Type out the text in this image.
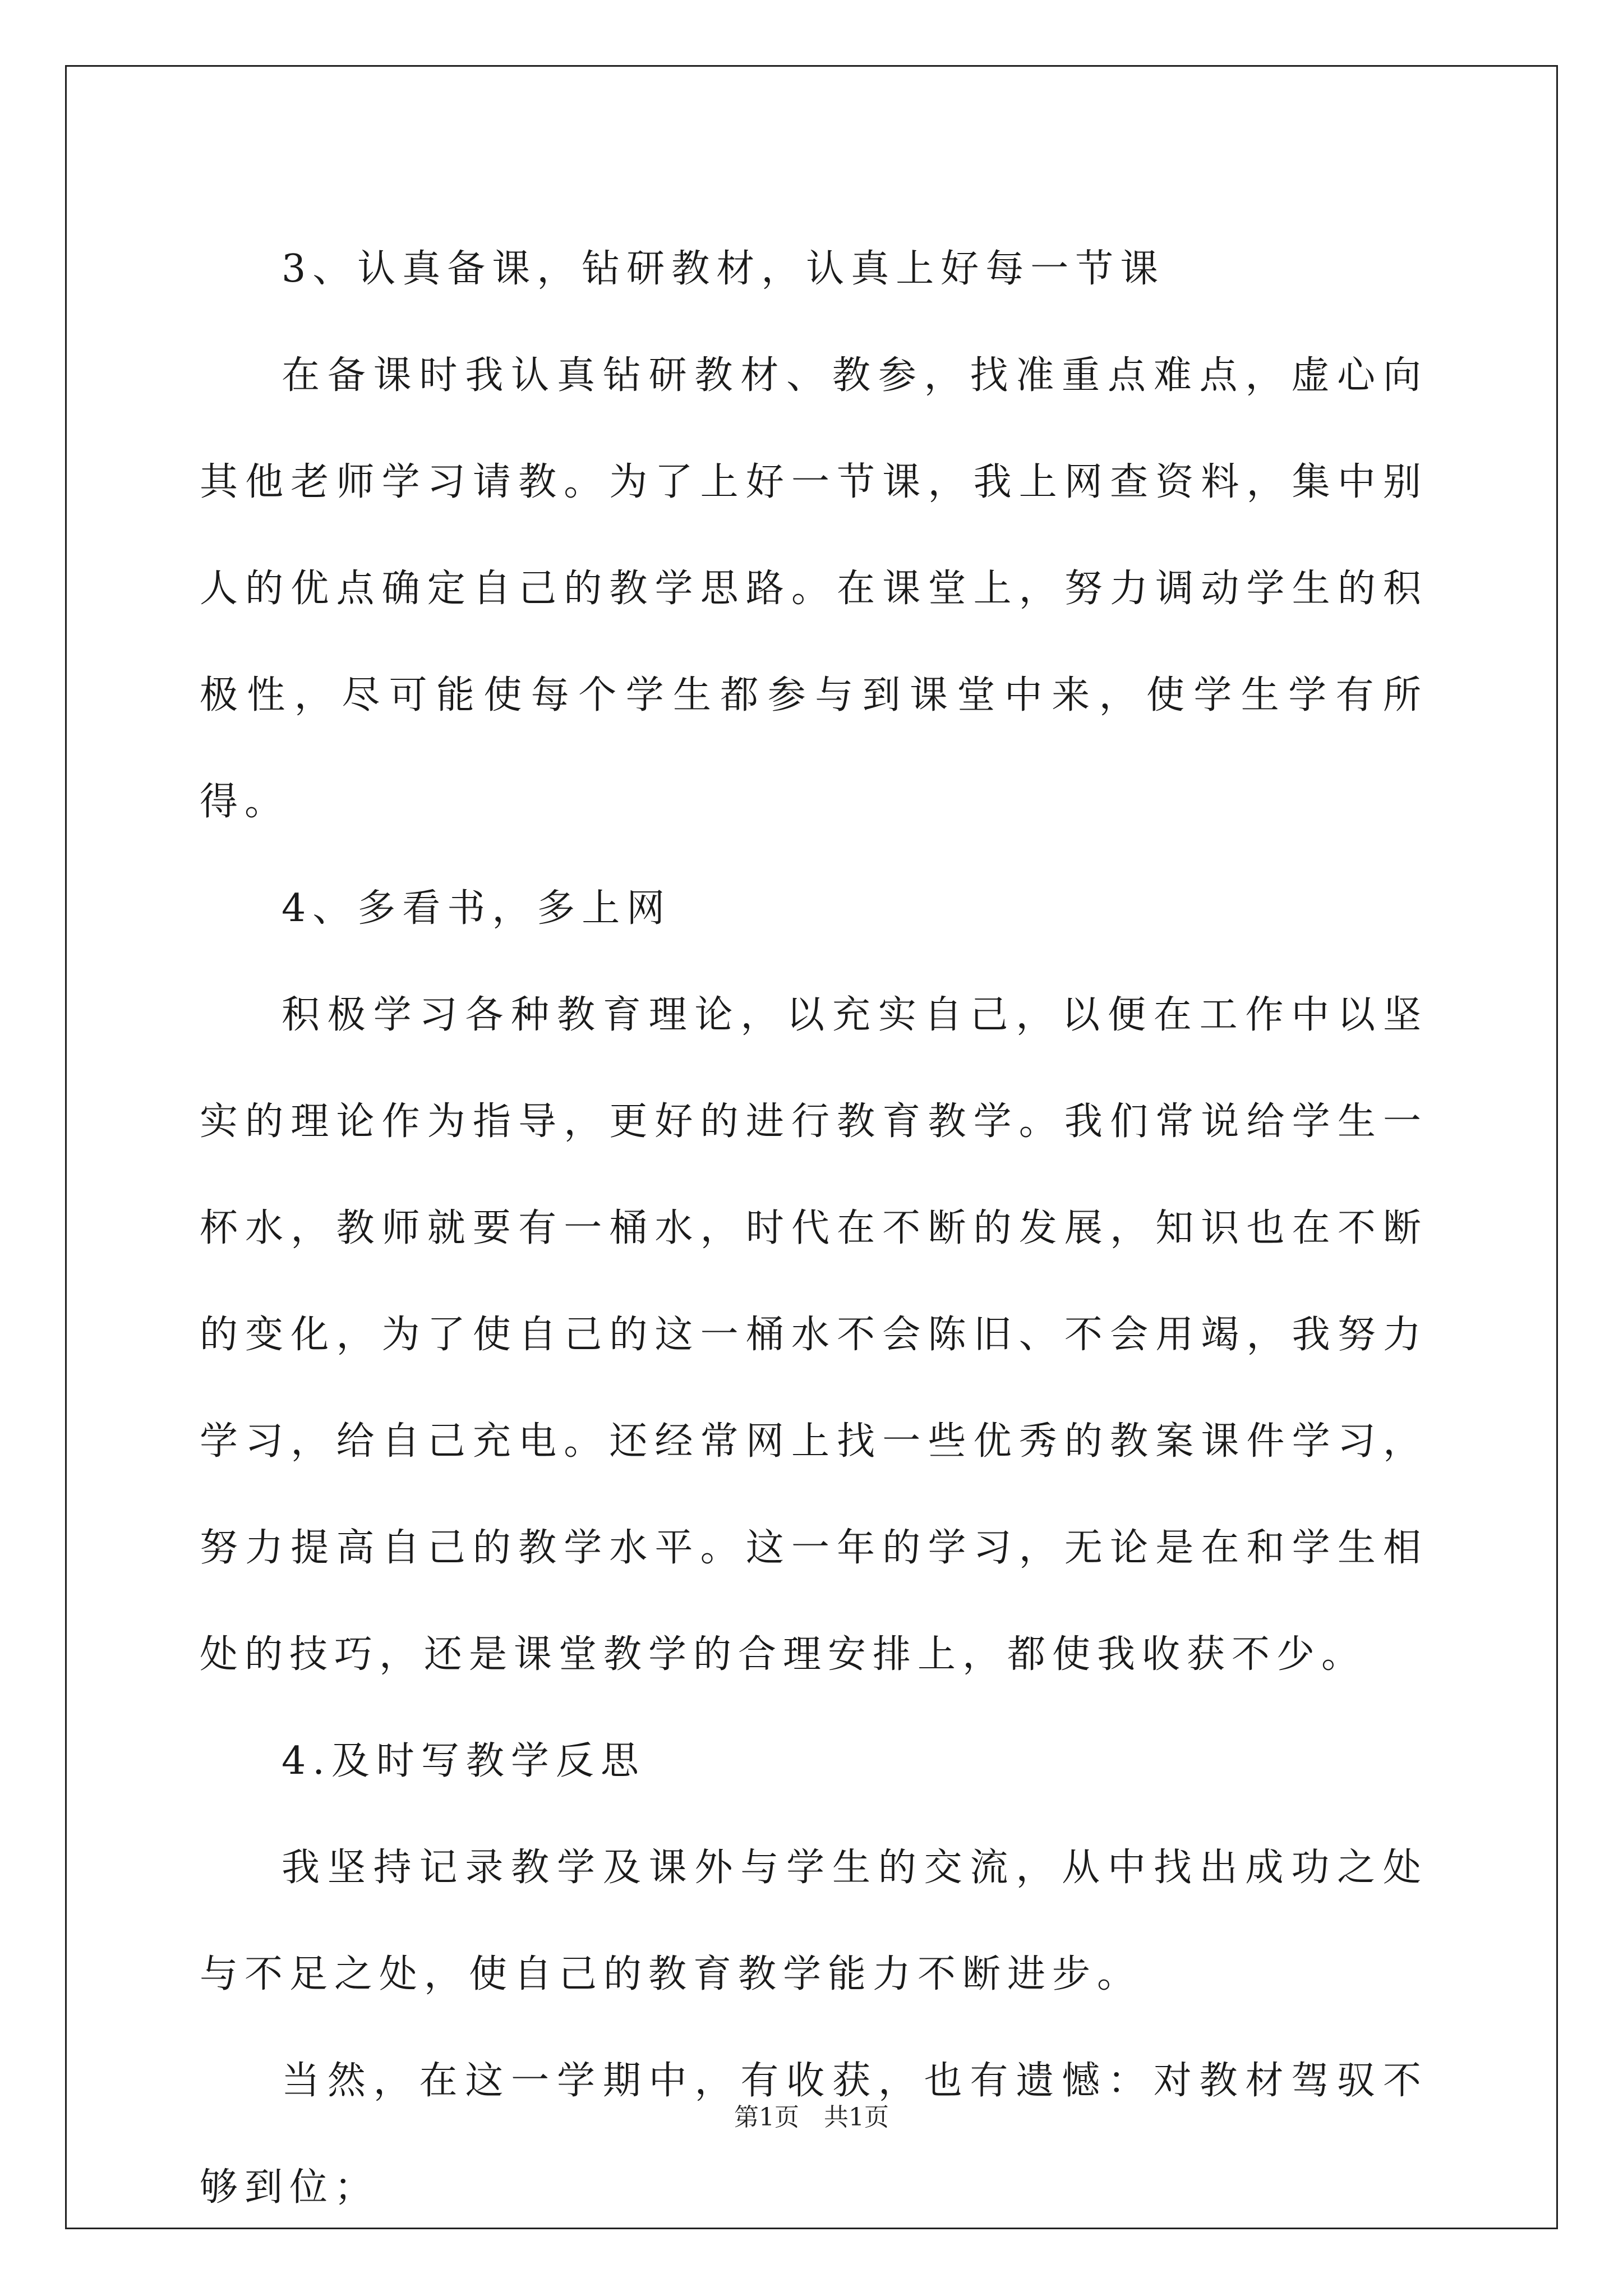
3、认真备课，钻研教材，认真上好每一节课

在备课时我认真钻研教材、教参，找准重点难点，虚心向其他老师学习请教。为了上好一节课，我上网查资料，集中别人的优点确定自己的教学思路。在课堂上，努力调动学生的积极性，尽可能使每个学生都参与到课堂中来，使学生学有所得。

4、多看书，多上网

积极学习各种教育理论，以充实自己，以便在工作中以坚实的理论作为指导，更好的进行教育教学。我们常说给学生一杯水，教师就要有一桶水，时代在不断的发展，知识也在不断的变化，为了使自己的这一桶水不会陈旧、不会用竭，我努力学习，给自己充电。还经常网上找一些优秀的教案课件学习，努力提高自己的教学水平。这一年的学习，无论是在和学生相处的技巧，还是课堂教学的合理安排上，都使我收获不少。

4.及时写教学反思

我坚持记录教学及课外与学生的交流，从中找出成功之处与不足之处，使自己的教育教学能力不断进步。

当然，在这一学期中，有收获，也有遗憾：对教材驾驭不够到位；

第1页　共1页
